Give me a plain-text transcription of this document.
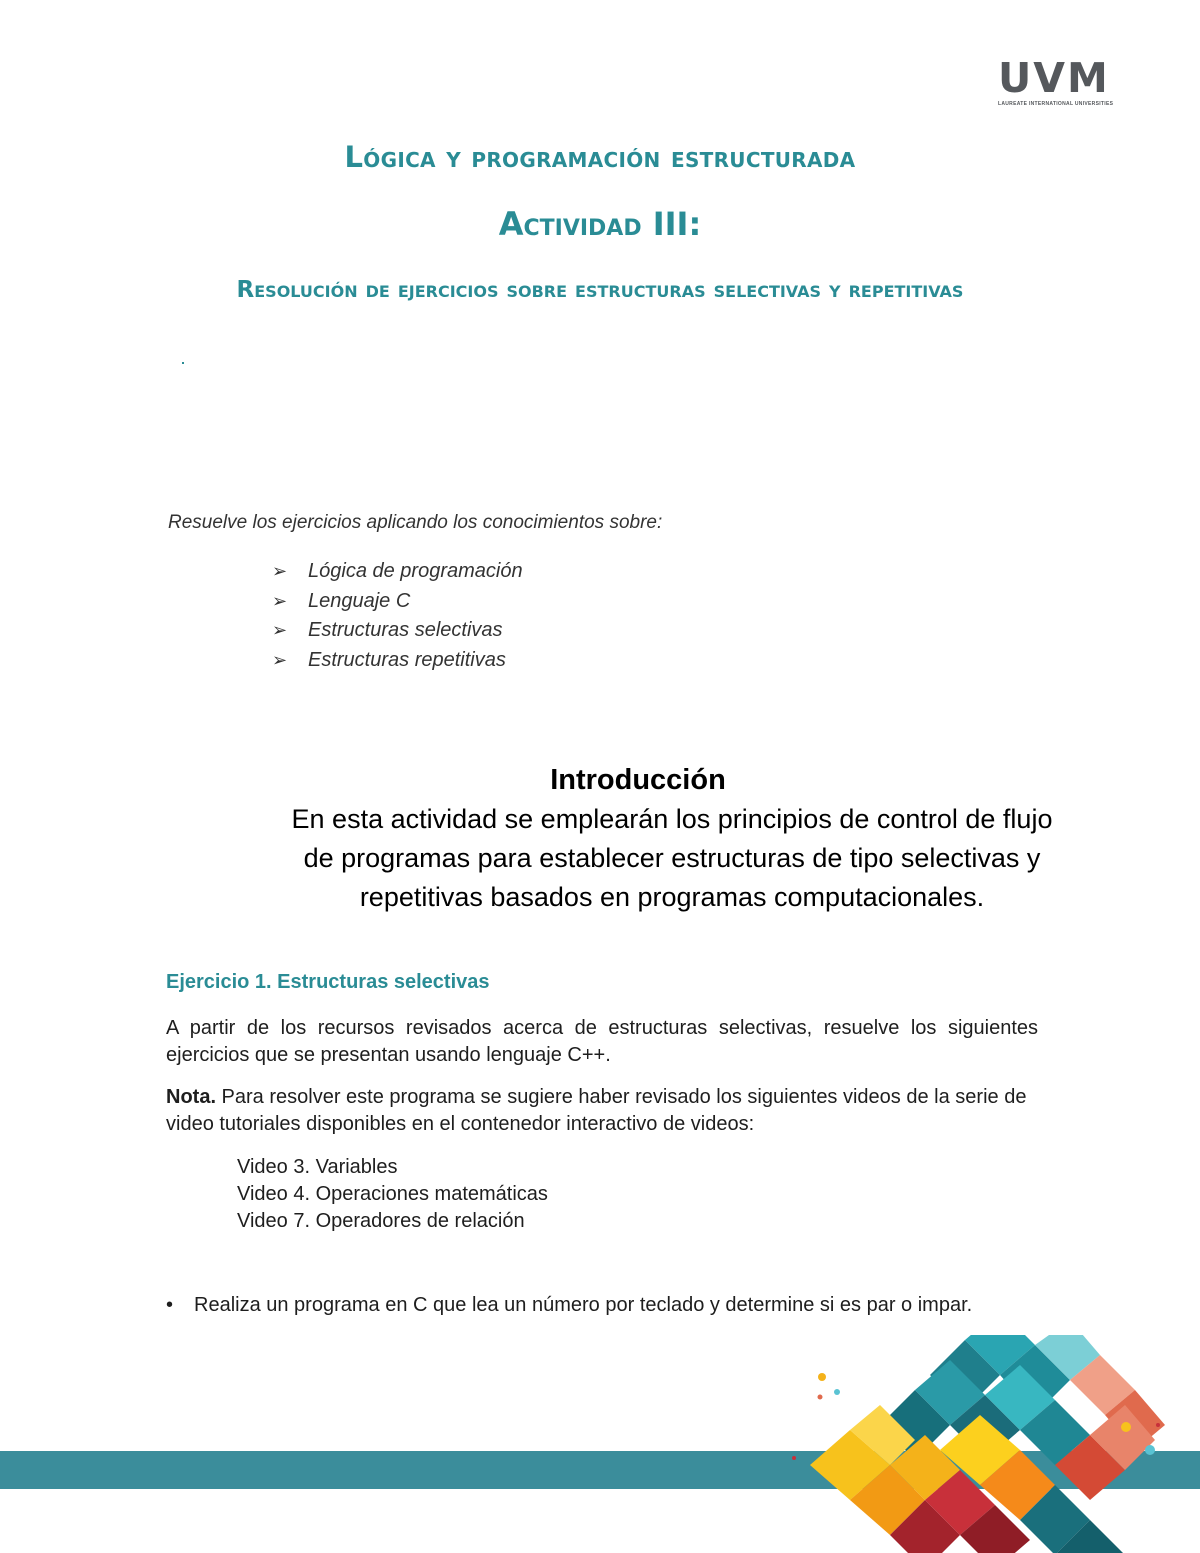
UVM
LAUREATE INTERNATIONAL UNIVERSITIES
Lógica y programación estructurada
Actividad III:
Resolución de ejercicios sobre estructuras selectivas y repetitivas

Resuelve los ejercicios aplicando los conocimientos sobre:

➢ Lógica de programación
➢ Lenguaje C
➢ Estructuras selectivas
➢ Estructuras repetitivas
Introducción

En esta actividad se emplearán los principios de control de flujo de programas para establecer estructuras de tipo selectivas y repetitivas basados en programas computacionales.

Ejercicio 1. Estructuras selectivas

A partir de los recursos revisados acerca de estructuras selectivas, resuelve los siguientes ejercicios que se presentan usando lenguaje C++.

Nota. Para resolver este programa se sugiere haber revisado los siguientes videos de la serie de video tutoriales disponibles en el contenedor interactivo de videos:

Video 3. Variables
Video 4. Operaciones matemáticas
Video 7. Operadores de relación
•	Realiza un programa en C que lea un número por teclado y determine si es par o impar.
